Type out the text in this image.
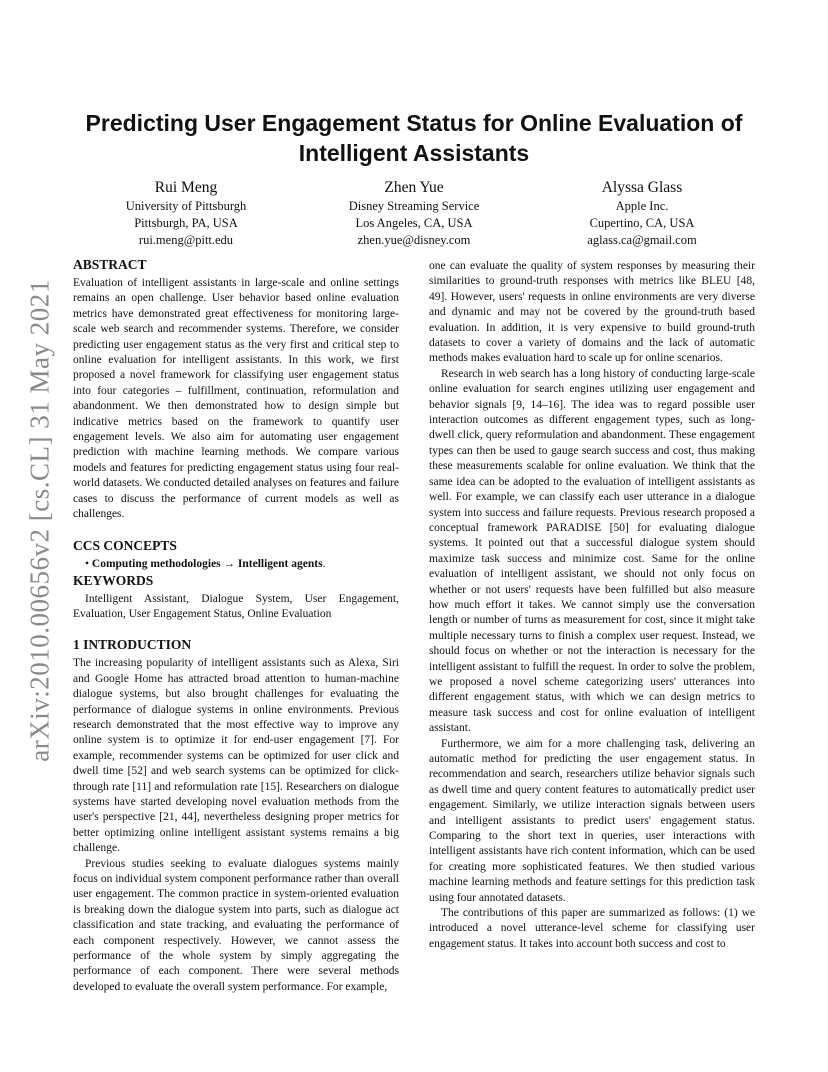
arXiv:2010.00656v2 [cs.CL] 31 May 2021
Predicting User Engagement Status for Online Evaluation of Intelligent Assistants
Rui Meng
University of Pittsburgh
Pittsburgh, PA, USA
rui.meng@pitt.edu
Zhen Yue
Disney Streaming Service
Los Angeles, CA, USA
zhen.yue@disney.com
Alyssa Glass
Apple Inc.
Cupertino, CA, USA
aglass.ca@gmail.com
ABSTRACT

Evaluation of intelligent assistants in large-scale and online settings remains an open challenge. User behavior based online evaluation metrics have demonstrated great effectiveness for monitoring large-scale web search and recommender systems. Therefore, we consider predicting user engagement status as the very first and critical step to online evaluation for intelligent assistants. In this work, we first proposed a novel framework for classifying user engagement status into four categories – fulfillment, continuation, reformulation and abandonment. We then demonstrated how to design simple but indicative metrics based on the framework to quantify user engagement levels. We also aim for automating user engagement prediction with machine learning methods. We compare various models and features for predicting engagement status using four real-world datasets. We conducted detailed analyses on features and failure cases to discuss the performance of current models as well as challenges.

CCS CONCEPTS
• Computing methodologies → Intelligent agents.
KEYWORDS

Intelligent Assistant, Dialogue System, User Engagement, Evaluation, User Engagement Status, Online Evaluation

1 INTRODUCTION

The increasing popularity of intelligent assistants such as Alexa, Siri and Google Home has attracted broad attention to human-machine dialogue systems, but also brought challenges for evaluating the performance of dialogue systems in online environments. Previous research demonstrated that the most effective way to improve any online system is to optimize it for end-user engagement [7]. For example, recommender systems can be optimized for user click and dwell time [52] and web search systems can be optimized for click-through rate [11] and reformulation rate [15]. Researchers on dialogue systems have started developing novel evaluation methods from the user's perspective [21, 44], nevertheless designing proper metrics for better optimizing online intelligent assistant systems remains a big challenge.

Previous studies seeking to evaluate dialogues systems mainly focus on individual system component performance rather than overall user engagement. The common practice in system-oriented evaluation is breaking down the dialogue system into parts, such as dialogue act classification and state tracking, and evaluating the performance of each component respectively. However, we cannot assess the performance of the whole system by simply aggregating the performance of each component. There were several methods developed to evaluate the overall system performance. For example,

one can evaluate the quality of system responses by measuring their similarities to ground-truth responses with metrics like BLEU [48, 49]. However, users' requests in online environments are very diverse and dynamic and may not be covered by the ground-truth based evaluation. In addition, it is very expensive to build ground-truth datasets to cover a variety of domains and the lack of automatic methods makes evaluation hard to scale up for online scenarios.

Research in web search has a long history of conducting large-scale online evaluation for search engines utilizing user engagement and behavior signals [9, 14–16]. The idea was to regard possible user interaction outcomes as different engagement types, such as long-dwell click, query reformulation and abandonment. These engagement types can then be used to gauge search success and cost, thus making these measurements scalable for online evaluation. We think that the same idea can be adopted to the evaluation of intelligent assistants as well. For example, we can classify each user utterance in a dialogue system into success and failure requests. Previous research proposed a conceptual framework PARADISE [50] for evaluating dialogue systems. It pointed out that a successful dialogue system should maximize task success and minimize cost. Same for the online evaluation of intelligent assistant, we should not only focus on whether or not users' requests have been fulfilled but also measure how much effort it takes. We cannot simply use the conversation length or number of turns as measurement for cost, since it might take multiple necessary turns to finish a complex user request. Instead, we should focus on whether or not the interaction is necessary for the intelligent assistant to fulfill the request. In order to solve the problem, we proposed a novel scheme categorizing users' utterances into different engagement status, with which we can design metrics to measure task success and cost for online evaluation of intelligent assistant.

Furthermore, we aim for a more challenging task, delivering an automatic method for predicting the user engagement status. In recommendation and search, researchers utilize behavior signals such as dwell time and query content features to automatically predict user engagement. Similarly, we utilize interaction signals between users and intelligent assistants to predict users' engagement status. Comparing to the short text in queries, user interactions with intelligent assistants have rich content information, which can be used for creating more sophisticated features. We then studied various machine learning methods and feature settings for this prediction task using four annotated datasets.

The contributions of this paper are summarized as follows: (1) we introduced a novel utterance-level scheme for classifying user engagement status. It takes into account both success and cost to
